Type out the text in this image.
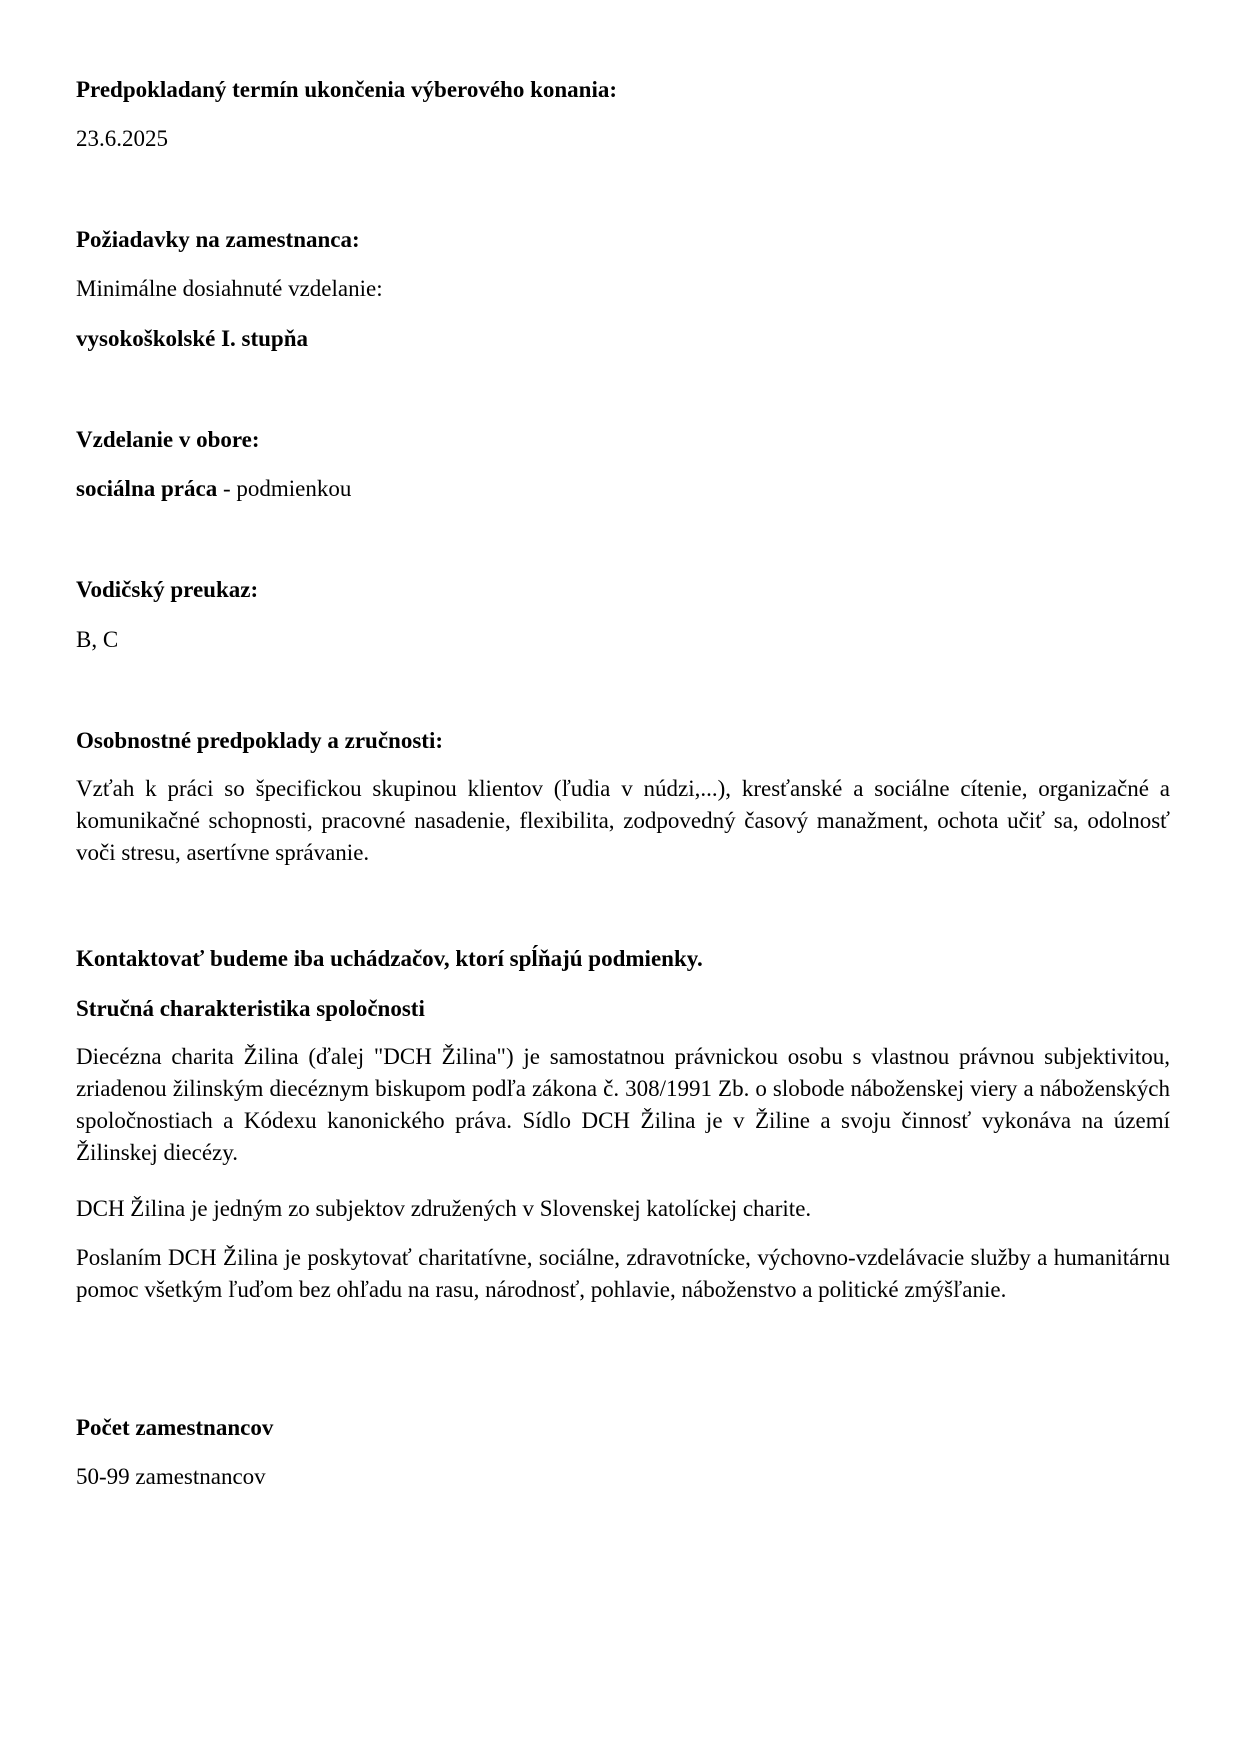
Predpokladaný termín ukončenia výberového konania:

23.6.2025

Požiadavky na zamestnanca:

Minimálne dosiahnuté vzdelanie:

vysokoškolské I. stupňa

Vzdelanie v obore:

sociálna práca - podmienkou

Vodičský preukaz:

B, C

Osobnostné predpoklady a zručnosti:

Vzťah k práci so špecifickou skupinou klientov (ľudia v núdzi,...), kresťanské a sociálne cítenie, organizačné a komunikačné schopnosti, pracovné nasadenie, flexibilita, zodpovedný časový manažment, ochota učiť sa, odolnosť voči stresu, asertívne správanie.

Kontaktovať budeme iba uchádzačov, ktorí spĺňajú podmienky.

Stručná charakteristika spoločnosti

Diecézna charita Žilina (ďalej "DCH Žilina") je samostatnou právnickou osobu s vlastnou právnou subjektivitou, zriadenou žilinským diecéznym biskupom podľa zákona č. 308/1991 Zb. o slobode náboženskej viery a náboženských spoločnostiach a Kódexu kanonického práva. Sídlo DCH Žilina je v Žiline a svoju činnosť vykonáva na území Žilinskej diecézy.

DCH Žilina je jedným zo subjektov združených v Slovenskej katolíckej charite.

Poslaním DCH Žilina je poskytovať charitatívne, sociálne, zdravotnícke, výchovno-vzdelávacie služby a humanitárnu pomoc všetkým ľuďom bez ohľadu na rasu, národnosť, pohlavie, náboženstvo a politické zmýšľanie.

Počet zamestnancov

50-99 zamestnancov
